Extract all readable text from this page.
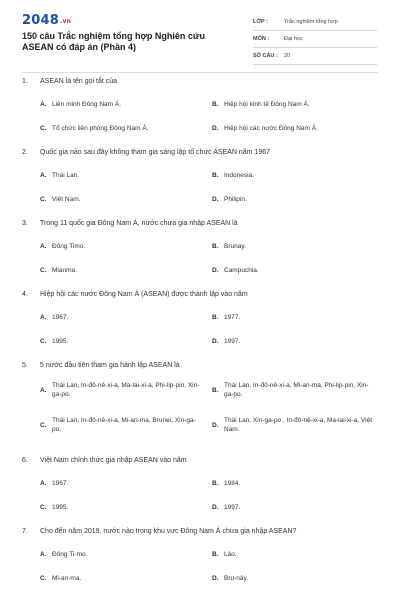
2048.vn
150 câu Trắc nghiệm tổng hợp Nghiên cứu ASEAN có đáp án (Phần 4)
LỚP :	Trắc nghiệm tổng hợp
MÔN :	Đại học
SỐ CÂU :	20
1. ASEAN là tên gọi tắt của
A. Liên minh Đông Nam Á.	B. Hiệp hội kinh tế Đông Nam Á.
C. Tổ chức liên phòng Đông Nam Á.	D. Hiệp hội các nước Đông Nam Á.
2. Quốc gia nào sau đây không tham gia sáng lập tổ chức ASEAN năm 1967
A. Thái Lan.	B. Indonesia.
C. Việt Nam.	D. Philipin.
3. Trong 11 quốc gia Đông Nam Á, nước chưa gia nhập ASEAN là
A. Đông Timo.	B. Brunay.
C. Mianma.	D. Campuchia.
4. Hiệp hội các nước Đông Nam Á (ASEAN) được thành lập vào năm
A. 1967.	B. 1977.
C. 1995.	D. 1997.
5. 5 nước đầu tiên tham gia hành lập ASEAN là
A.
Thái Lan, In-đô-nê-xi-a, Ma-lai-xi-a, Phi-lip-pin, Xin-ga-po.
B.
Thái Lan, In-đô-nê-xi-a, Mi-an-ma, Phi-lip-pin, Xin-ga-po.
C.
Thái Lan, In-đô-nê-xi-a, Mi-an-ma, Brunei, Xin-ga-po.
D.
Thái Lan, Xin-ga-po , In-đô-nê-xi-a, Ma-lai-xi-a, Việt Nam.
6. Việt Nam chính thức gia nhập ASEAN vào năm
A. 1967.	B. 1984.
C. 1995.	D. 1997.
7. Cho đến năm 2019, nước nào trong khu vực Đông Nam Á chưa gia nhập ASEAN?
A. Đông Ti-mo.	B. Lào.
C. Mi-an-ma.	D. Bru-nây.
